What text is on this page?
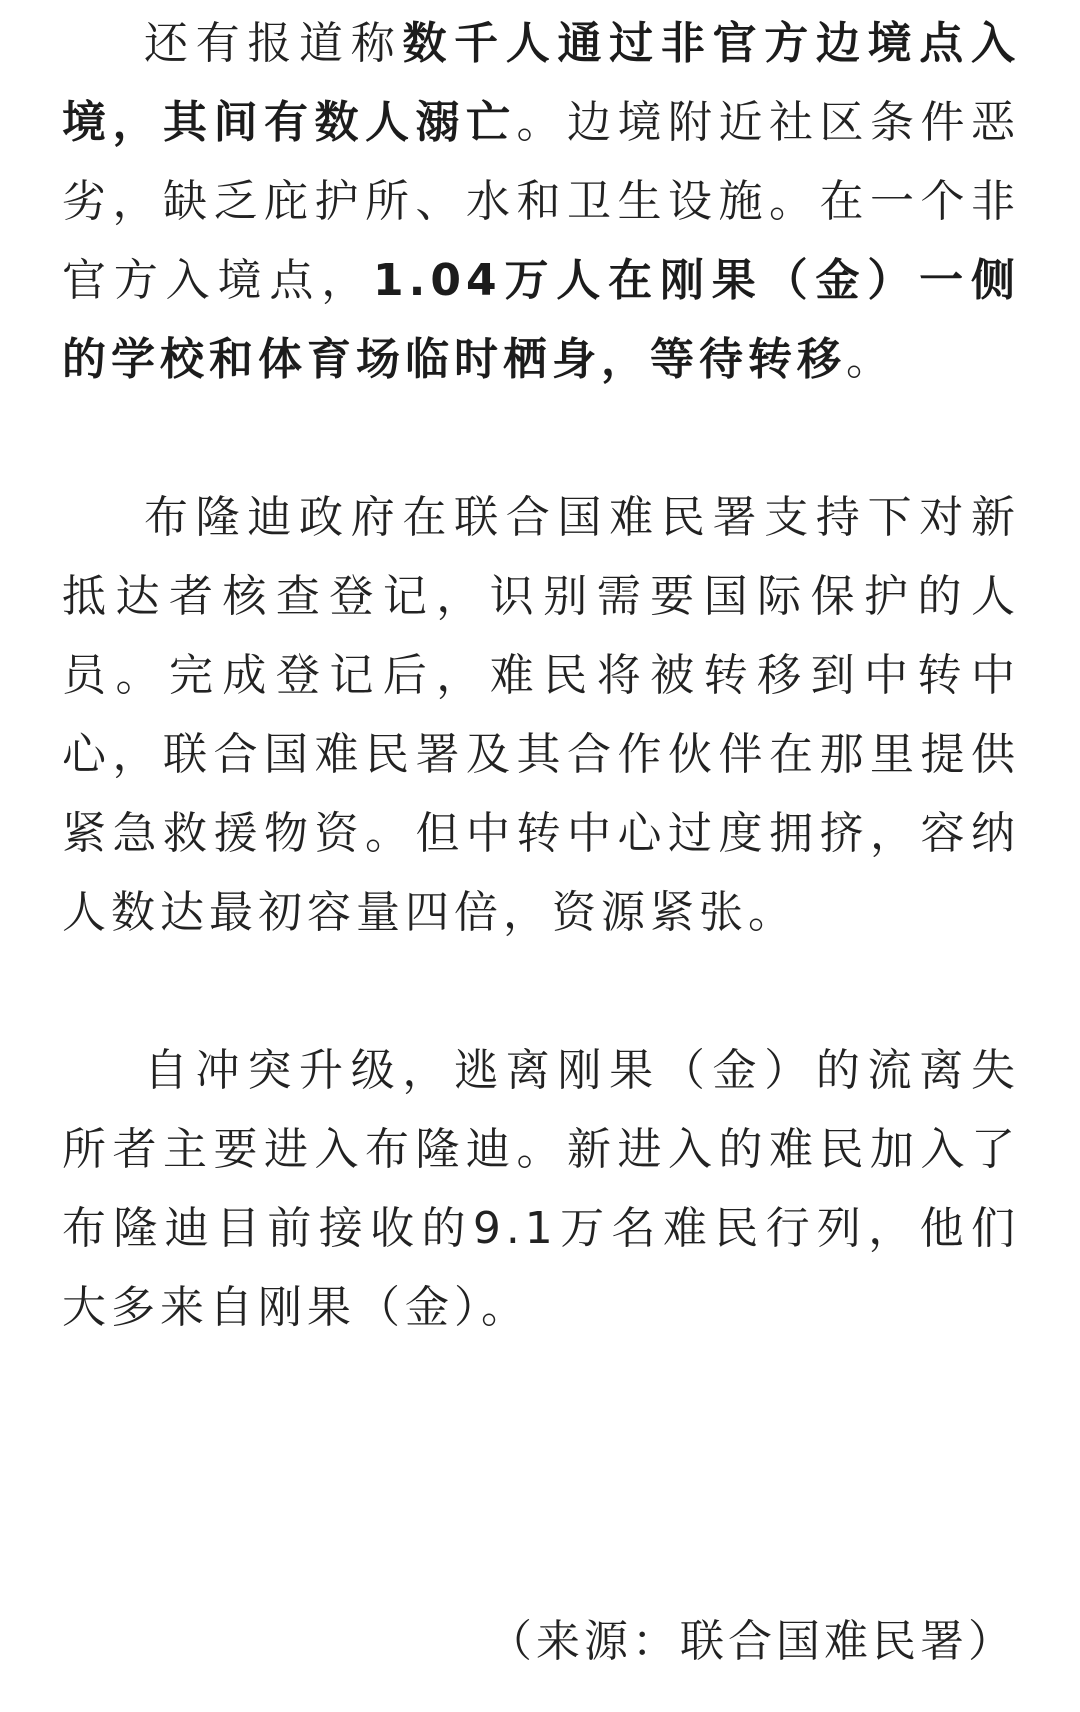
还有报道称数千人通过非官方边境点入境，其间有数人溺亡。边境附近社区条件恶劣，缺乏庇护所、水和卫生设施。在一个非官方入境点，1.04万人在刚果（金）一侧的学校和体育场临时栖身，等待转移。

布隆迪政府在联合国难民署支持下对新抵达者核查登记，识别需要国际保护的人员。完成登记后，难民将被转移到中转中心，联合国难民署及其合作伙伴在那里提供紧急救援物资。但中转中心过度拥挤，容纳人数达最初容量四倍，资源紧张。

自冲突升级，逃离刚果（金）的流离失所者主要进入布隆迪。新进入的难民加入了布隆迪目前接收的9.1万名难民行列，他们大多来自刚果（金）。

（来源：联合国难民署）
